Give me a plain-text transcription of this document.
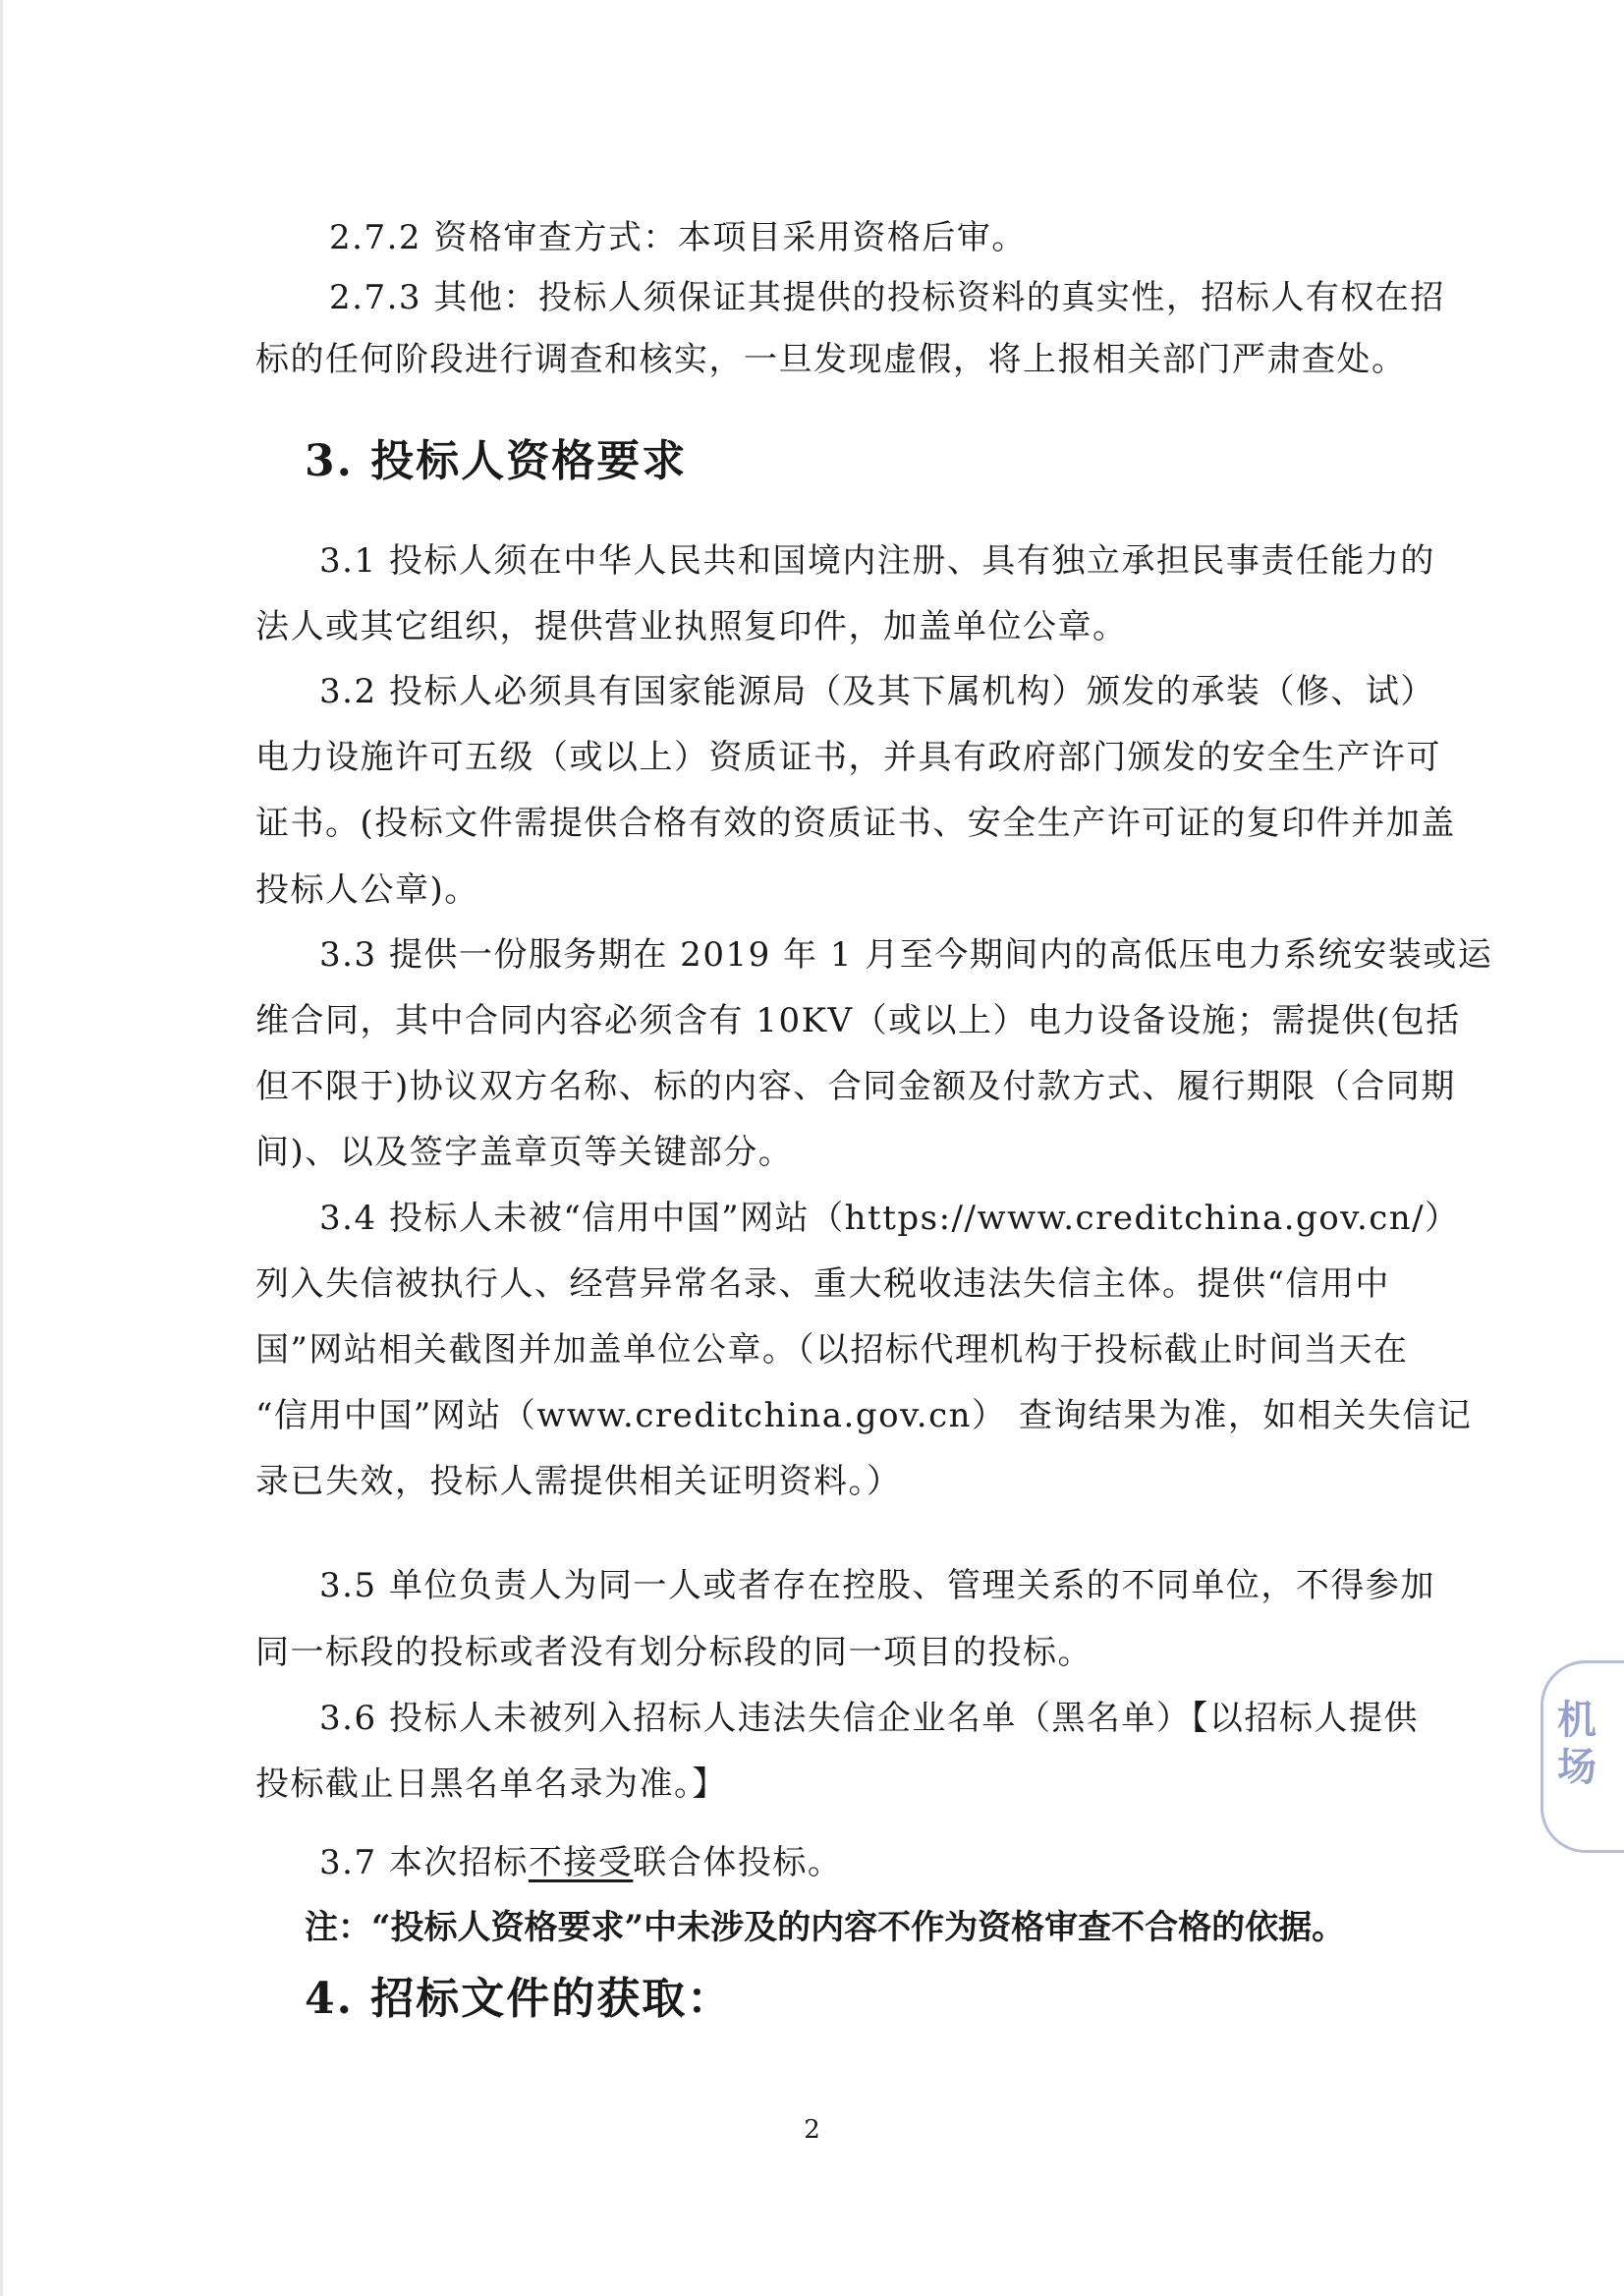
2.7.2 资格审查方式：本项目采用资格后审。
2.7.3 其他：投标人须保证其提供的投标资料的真实性，招标人有权在招
标的任何阶段进行调查和核实，一旦发现虚假，将上报相关部门严肃查处。
3. 投标人资格要求
3.1 投标人须在中华人民共和国境内注册、具有独立承担民事责任能力的
法人或其它组织，提供营业执照复印件，加盖单位公章。
3.2 投标人必须具有国家能源局（及其下属机构）颁发的承装（修、试）
电力设施许可五级（或以上）资质证书，并具有政府部门颁发的安全生产许可
证书。(投标文件需提供合格有效的资质证书、安全生产许可证的复印件并加盖
投标人公章)。
3.3 提供一份服务期在 2019 年 1 月至今期间内的高低压电力系统安装或运
维合同，其中合同内容必须含有 10KV（或以上）电力设备设施；需提供(包括
但不限于)协议双方名称、标的内容、合同金额及付款方式、履行期限（合同期
间)、以及签字盖章页等关键部分。
3.4 投标人未被“信用中国”网站（https://www.creditchina.gov.cn/）
列入失信被执行人、经营异常名录、重大税收违法失信主体。提供“信用中
国”网站相关截图并加盖单位公章。（以招标代理机构于投标截止时间当天在
“信用中国”网站（www.creditchina.gov.cn） 查询结果为准，如相关失信记
录已失效，投标人需提供相关证明资料。）
3.5 单位负责人为同一人或者存在控股、管理关系的不同单位，不得参加
同一标段的投标或者没有划分标段的同一项目的投标。
3.6 投标人未被列入招标人违法失信企业名单（黑名单）【以招标人提供
投标截止日黑名单名录为准。】
3.7 本次招标不接受联合体投标。
注：“投标人资格要求”中未涉及的内容不作为资格审查不合格的依据。
4. 招标文件的获取：
2
机场
